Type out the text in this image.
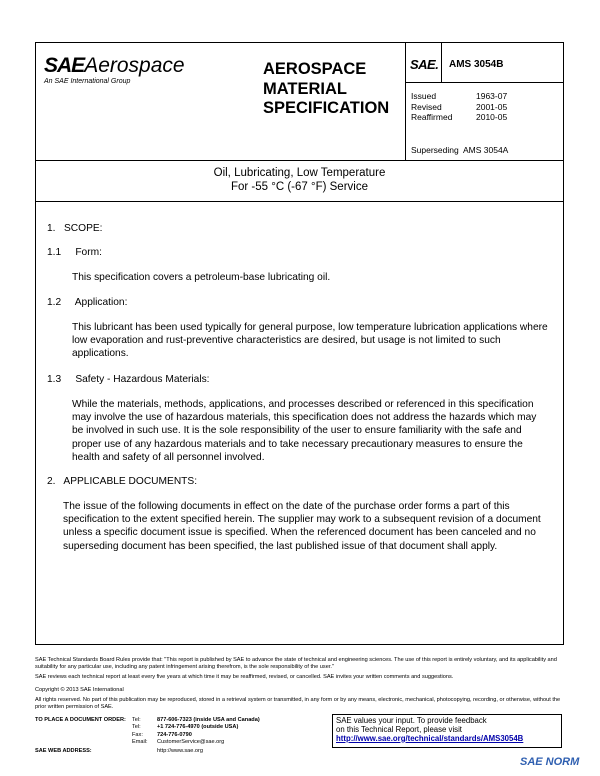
SAEAerospace
An SAE International Group
AEROSPACE
MATERIAL
SPECIFICATION
SAE. AMS 3054B
Issued
Revised
Reaffirmed
1963-07
2001-05
2010-05
Superseding  AMS 3054A
Oil, Lubricating, Low Temperature
For -55 °C (-67 °F) Service
1.   SCOPE:
1.1     Form:
This specification covers a petroleum-base lubricating oil.
1.2     Application:
This lubricant has been used typically for general purpose, low temperature lubrication applications where low evaporation and rust-preventive characteristics are desired, but usage is not limited to such applications.
1.3     Safety - Hazardous Materials:
While the materials, methods, applications, and processes described or referenced in this specification may involve the use of hazardous materials, this specification does not address the hazards which may be involved in such use. It is the sole responsibility of the user to ensure familiarity with the safe and proper use of any hazardous materials and to take necessary precautionary measures to ensure the health and safety of all personnel involved.
2.   APPLICABLE DOCUMENTS:
The issue of the following documents in effect on the date of the purchase order forms a part of this specification to the extent specified herein. The supplier may work to a subsequent revision of a document unless a specific document issue is specified. When the referenced document has been canceled and no superseding document has been specified, the last published issue of that document shall apply.
SAE Technical Standards Board Rules provide that: "This report is published by SAE to advance the state of technical and engineering sciences. The use of this report is entirely voluntary, and its applicability and suitability for any particular use, including any patent infringement arising therefrom, is the sole responsibility of the user."
SAE reviews each technical report at least every five years at which time it may be reaffirmed, revised, or cancelled. SAE invites your written comments and suggestions.
Copyright © 2013 SAE International
All rights reserved. No part of this publication may be reproduced, stored in a retrieval system or transmitted, in any form or by any means, electronic, mechanical, photocopying, recording, or otherwise, without the prior written permission of SAE.
TO PLACE A DOCUMENT ORDER: Tel:
Tel:
Fax:
Email:
877-606-7323 (inside USA and Canada)
+1 724-776-4970 (outside USA)
724-776-0790
CustomerService@sae.org
SAE WEB ADDRESS:	http://www.sae.org
SAE values your input. To provide feedback
on this Technical Report, please visit
http://www.sae.org/technical/standards/AMS3054B
SAE NORM
